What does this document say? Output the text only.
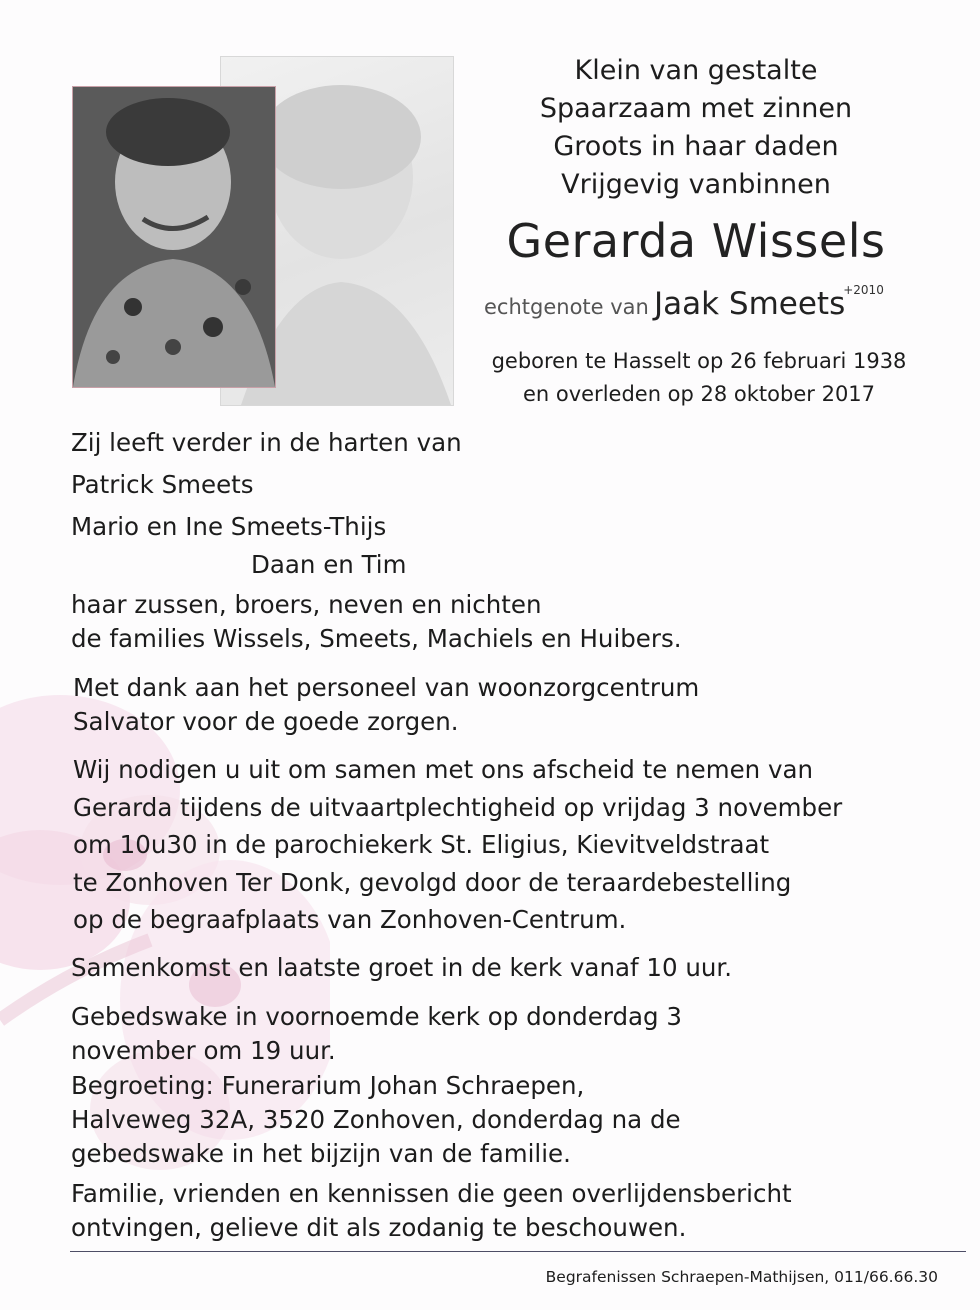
Klein van gestalte
Spaarzaam met zinnen
Groots in haar daden
Vrijgevig vanbinnen
Gerarda Wissels
echtgenote van Jaak Smeets$^{+2010}$
geboren te Hasselt op 26 februari 1938
en overleden op 28 oktober 2017
Zij leeft verder in de harten van
Patrick Smeets
Mario en Ine Smeets-Thijs
Daan en Tim
haar zussen, broers, neven en nichten
de families Wissels, Smeets, Machiels en Huibers.
Met dank aan het personeel van woonzorgcentrum
Salvator voor de goede zorgen.
Wij nodigen u uit om samen met ons afscheid te nemen van
Gerarda tijdens de uitvaartplechtigheid op vrijdag 3 november
om 10u30 in de parochiekerk St. Eligius, Kievitveldstraat
te Zonhoven Ter Donk, gevolgd door de teraardebestelling
op de begraafplaats van Zonhoven-Centrum.
Samenkomst en laatste groet in de kerk vanaf 10 uur.
Gebedswake in voornoemde kerk op donderdag 3
november om 19 uur.
Begroeting: Funerarium Johan Schraepen,
Halveweg 32A, 3520 Zonhoven, donderdag na de
gebedswake in het bijzijn van de familie.
Familie, vrienden en kennissen die geen overlijdensbericht
ontvingen, gelieve dit als zodanig te beschouwen.
Begrafenissen Schraepen-Mathijsen, 011/66.66.30
